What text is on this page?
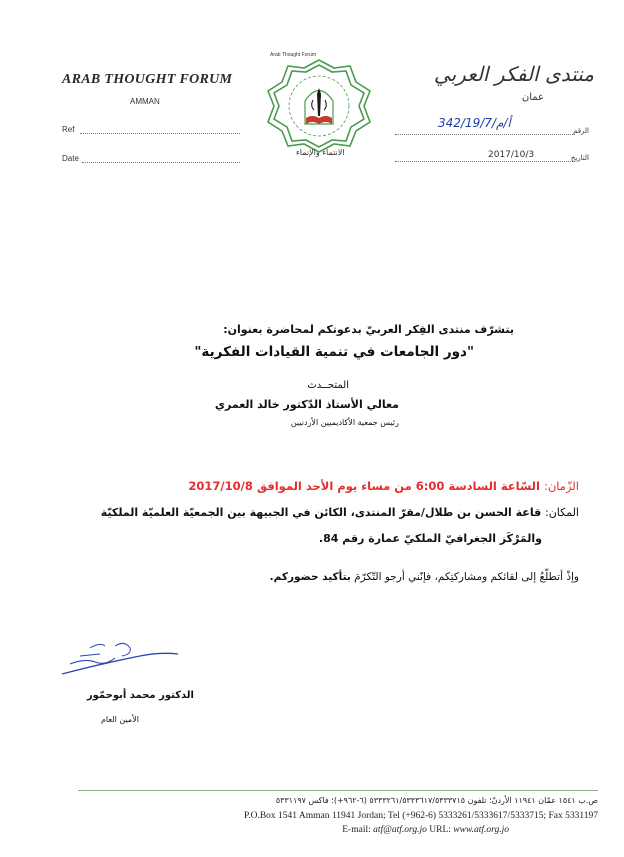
ARAB THOUGHT FORUM
AMMAN
Ref
Date
Arab Thought Forum
الانتماء والإنماء
منتدى الفكر العربي
عمان
الرقم
342/19/7/أ/م
التاريخ
2017/10/3
يتشرّف منتدى الفِكر العربيّ بدعوتكم لمحاضرة بعنوان:
"دور الجامعات في تنمية القيادات الفكرية"
المتحــدث
معالي الأستاذ الدّكتور خالد العمري
رئيس جمعية الأكاديميين الأردنيين
الزّمان: السّاعة السادسة 6:00 من مساء يوم الأحد الموافق 2017/10/8
المكان: قاعة الحسن بن طلال/مقرّ المنتدى، الكائن في الجبيهة بين الجمعيّة العلميّة الملكيّة
والمَرْكَز الجغرافيّ الملكيّ عمارة رقم 84.
وإذْ أتطلّعُ إلى لقائكم ومشاركتِكم، فإنّني أرجو التّكرّمَ بتأكيد حضوركم.
الدكتور محمد أبوحمّور
الأمين العام
ص.ب ١٥٤١ عمّان ١١٩٤١ الأردنّ؛ تلفون ٥٣٣٣٢٦١/٥٣٣٣٦١٧/٥٣٣٣٧١٥ (٦-٩٦٢+)؛ فاكس ٥٣٣١١٩٧
P.O.Box 1541 Amman 11941 Jordan; Tel (+962-6) 5333261/5333617/5333715; Fax 5331197
E-mail: atf@atf.org.jo URL: www.atf.org.jo
